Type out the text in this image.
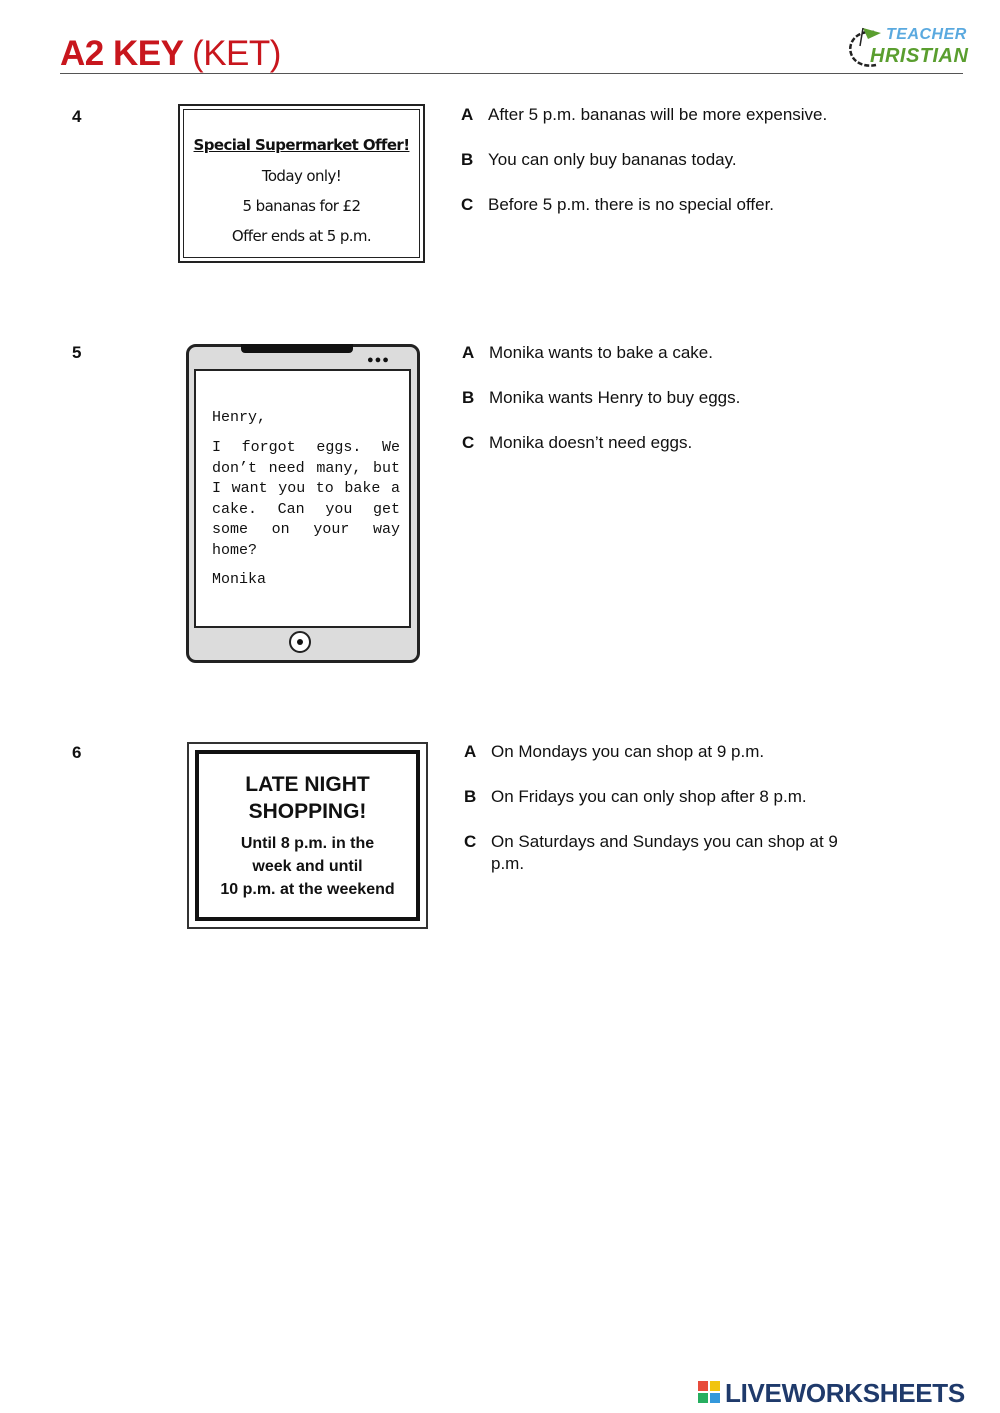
A2 KEY (KET)	TEACHER
HRISTIAN
4
Special Supermarket Offer!
Today only!
5 bananas for £2
Offer ends at 5 p.m.
A After 5 p.m. bananas will be more expensive.
B You can only buy bananas today.
C Before 5 p.m. there is no special offer.
5	●●●
Henry,
I forgot eggs. We don’t need many, but I want you to bake a cake. Can you get some on your way home?
Monika
A Monika wants to bake a cake.
B Monika wants Henry to buy eggs.
C Monika doesn’t need eggs.
6
LATE NIGHT SHOPPING!
Until 8 p.m. in the
week and until
10 p.m. at the weekend
A On Mondays you can shop at 9 p.m.
B On Fridays you can only shop after 8 p.m.
C On Saturdays and Sundays you can shop at 9 p.m.
LIVEWORKSHEETS
